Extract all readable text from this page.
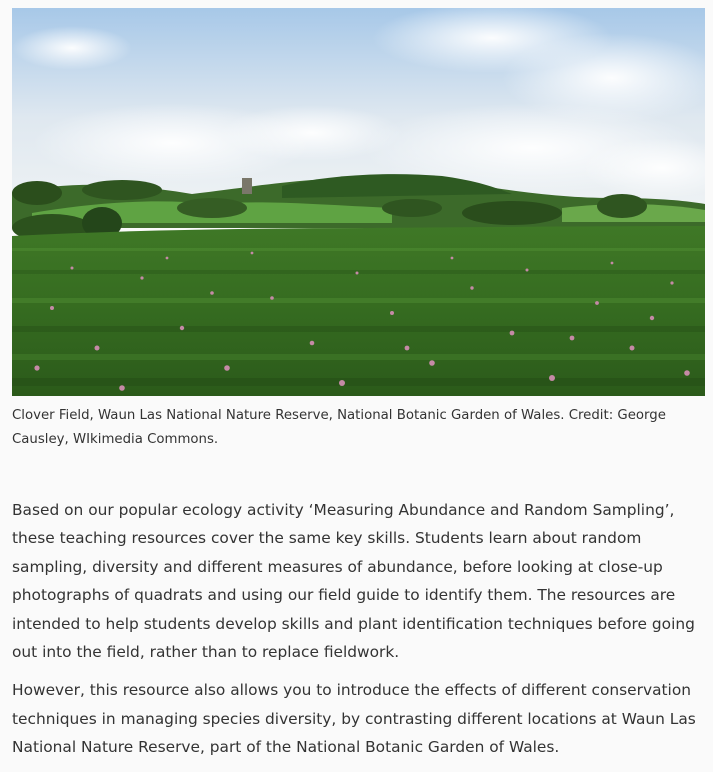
Clover Field, Waun Las National Nature Reserve, National Botanic Garden of Wales. Credit: George Causley, WIkimedia Commons.

Based on our popular ecology activity ‘Measuring Abundance and Random Sampling’, these teaching resources cover the same key skills. Students learn about random sampling, diversity and different measures of abundance, before looking at close-up photographs of quadrats and using our field guide to identify them. The resources are intended to help students develop skills and plant identification techniques before going out into the field, rather than to replace fieldwork.

However, this resource also allows you to introduce the effects of different conservation techniques in managing species diversity, by contrasting different locations at Waun Las National Nature Reserve, part of the National Botanic Garden of Wales.
